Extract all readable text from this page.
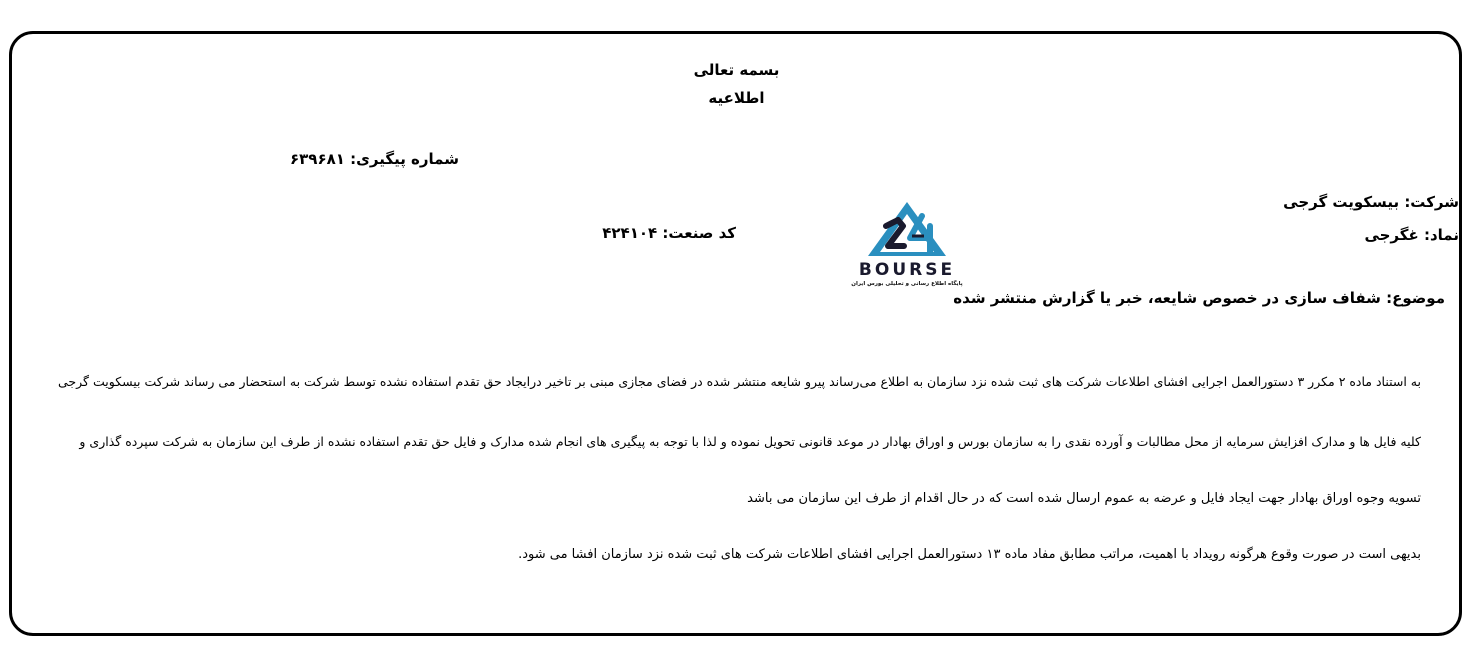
بسمه تعالی
اطلاعیه
شماره پیگیری: ۶۳۹۶۸۱
شرکت: بیسکویت گرجی
نماد: غگرجی
کد صنعت: ۴۲۴۱۰۴
موضوع: شفاف سازی در خصوص شایعه، خبر یا گزارش منتشر شده
BOURSE
پایگاه اطلاع رسانی و تحلیلی بورس ایران
به استناد ماده ۲ مکرر ۳ دستورالعمل اجرایی افشای اطلاعات شرکت های ثبت شده نزد سازمان به اطلاع می‌رساند پیرو شایعه منتشر شده در فضای مجازی مبنی بر تاخیر درایجاد حق تقدم استفاده نشده توسط شرکت به استحضار می رساند شرکت بیسکویت گرجی
کلیه فایل ها و مدارک افزایش سرمایه از محل مطالبات و آورده نقدی را به سازمان بورس و اوراق بهادار در موعد قانونی تحویل نموده و لذا با توجه به پیگیری های انجام شده مدارک و فایل حق تقدم استفاده نشده از طرف این سازمان به شرکت سپرده گذاری و
تسویه وجوه اوراق بهادار جهت ایجاد فایل و عرضه به عموم ارسال شده است که در حال اقدام از طرف این سازمان می باشد
بدیهی است در صورت وقوع هرگونه رویداد با اهمیت، مراتب مطابق مفاد ماده ۱۳ دستورالعمل اجرایی افشای اطلاعات شرکت های ثبت شده نزد سازمان افشا می شود.
